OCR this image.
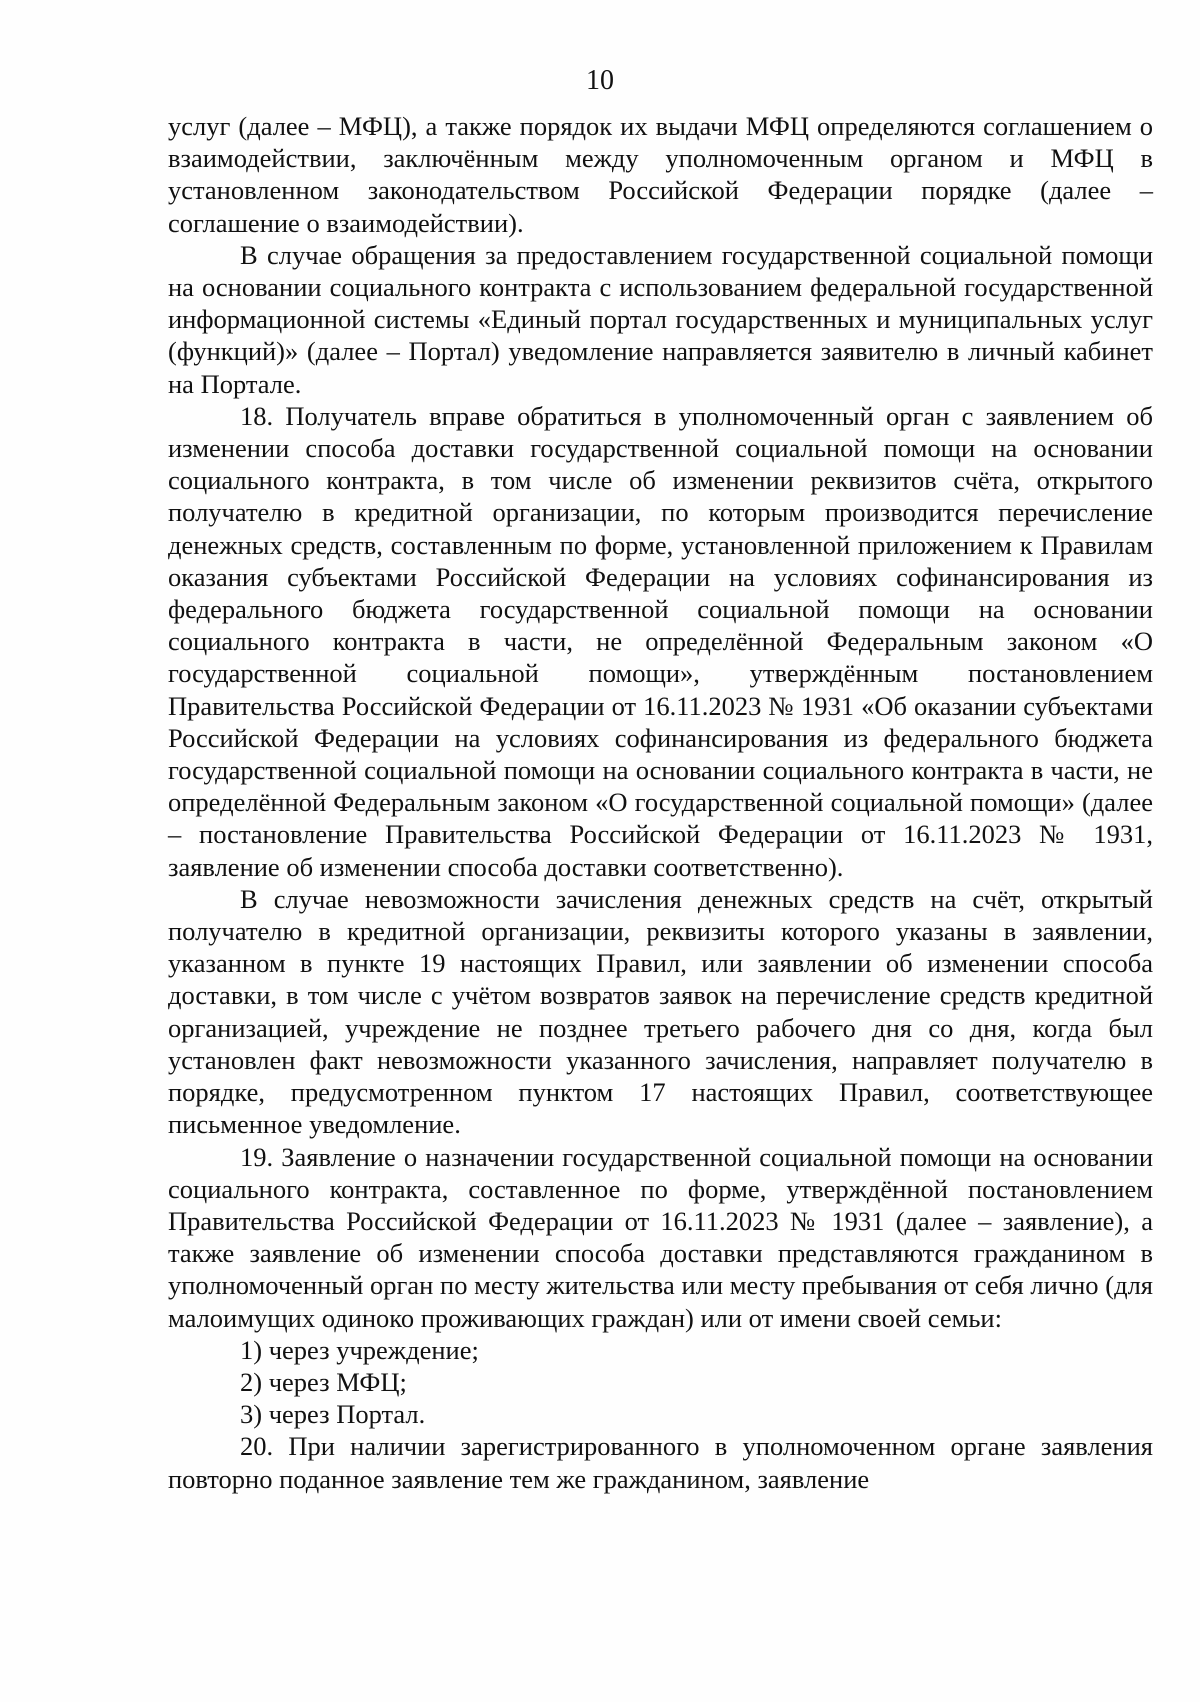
10

услуг (далее – МФЦ), а также порядок их выдачи МФЦ определяются соглашением о взаимодействии, заключённым между уполномоченным органом и МФЦ в установленном законодательством Российской Федерации порядке (далее – соглашение о взаимодействии).

В случае обращения за предоставлением государственной социальной помощи на основании социального контракта с использованием федеральной государственной информационной системы «Единый портал государственных и муниципальных услуг (функций)» (далее – Портал) уведомление направляется заявителю в личный кабинет на Портале.

18. Получатель вправе обратиться в уполномоченный орган с заявлением об изменении способа доставки государственной социальной помощи на основании социального контракта, в том числе об изменении реквизитов счёта, открытого получателю в кредитной организации, по которым производится перечисление денежных средств, составленным по форме, установленной приложением к Правилам оказания субъектами Российской Федерации на условиях софинансирования из федерального бюджета государственной социальной помощи на основании социального контракта в части, не определённой Федеральным законом «О государственной социальной помощи», утверждённым постановлением Правительства Российской Федерации от 16.11.2023 № 1931 «Об оказании субъектами Российской Федерации на условиях софинансирования из федерального бюджета государственной социальной помощи на основании социального контракта в части, не определённой Федеральным законом «О государственной социальной помощи» (далее – постановление Правительства Российской Федерации от 16.11.2023 № 1931, заявление об изменении способа доставки соответственно).

В случае невозможности зачисления денежных средств на счёт, открытый получателю в кредитной организации, реквизиты которого указаны в заявлении, указанном в пункте 19 настоящих Правил, или заявлении об изменении способа доставки, в том числе с учётом возвратов заявок на перечисление средств кредитной организацией, учреждение не позднее третьего рабочего дня со дня, когда был установлен факт невозможности указанного зачисления, направляет получателю в порядке, предусмотренном пунктом 17 настоящих Правил, соответствующее письменное уведомление.

19. Заявление о назначении государственной социальной помощи на основании социального контракта, составленное по форме, утверждённой постановлением Правительства Российской Федерации от 16.11.2023 № 1931 (далее – заявление), а также заявление об изменении способа доставки представляются гражданином в уполномоченный орган по месту жительства или месту пребывания от себя лично (для малоимущих одиноко проживающих граждан) или от имени своей семьи:

1) через учреждение;

2) через МФЦ;

3) через Портал.

20. При наличии зарегистрированного в уполномоченном органе заявления повторно поданное заявление тем же гражданином, заявление
